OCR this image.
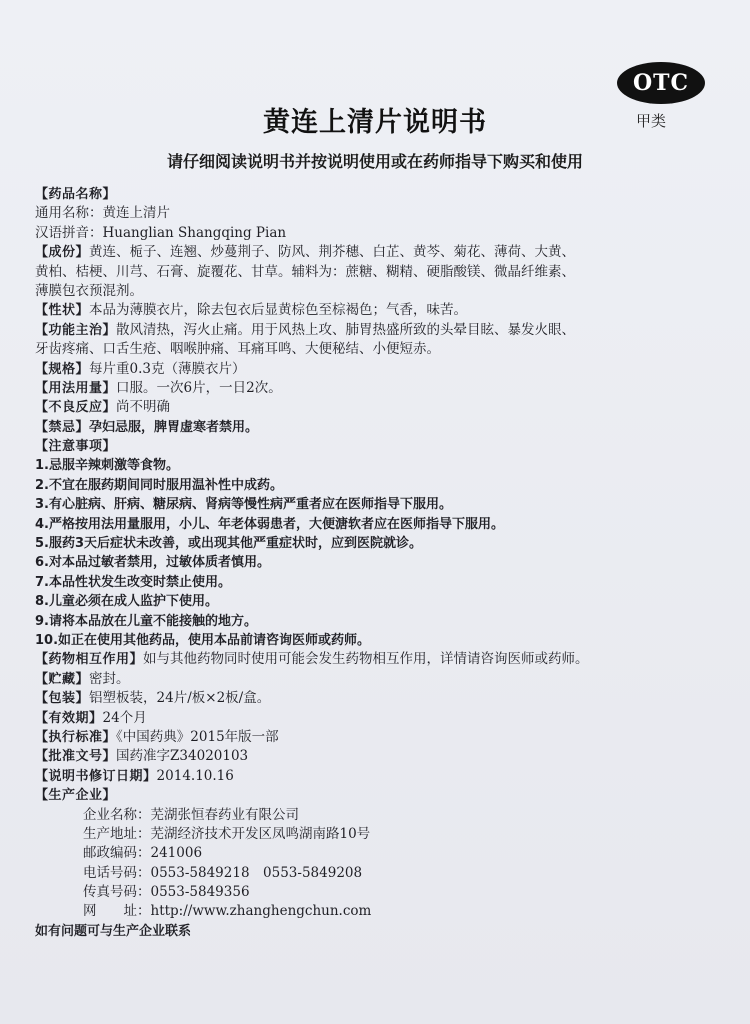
OTC
甲类
黄连上清片说明书
请仔细阅读说明书并按说明使用或在药师指导下购买和使用
【 药品名称 】
通用名称：黄连上清片
汉语拼音：Huanglian Shangqing Pian
【 成份 】 黄连、栀子、连翘、炒蔓荆子、防风、荆芥穗、白芷、黄芩、菊花、薄荷、大黄、
黄柏、桔梗、川芎、石膏、旋覆花、甘草。辅料为：蔗糖、糊精、硬脂酸镁、微晶纤维素、
薄膜包衣预混剂。
【 性状 】 本品为薄膜衣片，除去包衣后显黄棕色至棕褐色；气香，味苦。
【 功能主治 】 散风清热，泻火止痛。用于风热上攻、肺胃热盛所致的头晕目眩、暴发火眼、
牙齿疼痛、口舌生疮、咽喉肿痛、耳痛耳鸣、大便秘结、小便短赤。
【 规格 】 每片重0.3克（薄膜衣片）
【 用法用量 】 口服。一次6片，一日2次。
【 不良反应 】 尚不明确
【 禁忌 】 孕妇忌服，脾胃虚寒者禁用。
【 注意事项 】
1.忌服辛辣刺激等食物。
2.不宜在服药期间同时服用温补性中成药。
3.有心脏病、肝病、糖尿病、肾病等慢性病严重者应在医师指导下服用。
4.严格按用法用量服用，小儿、年老体弱患者，大便溏软者应在医师指导下服用。
5.服药3天后症状未改善，或出现其他严重症状时，应到医院就诊。
6.对本品过敏者禁用，过敏体质者慎用。
7.本品性状发生改变时禁止使用。
8.儿童必须在成人监护下使用。
9.请将本品放在儿童不能接触的地方。
10.如正在使用其他药品，使用本品前请咨询医师或药师。
【 药物相互作用 】 如与其他药物同时使用可能会发生药物相互作用，详情请咨询医师或药师。
【 贮藏 】 密封。
【 包装 】 铝塑板装，24片/板×2板/盒。
【 有效期 】 24个月
【 执行标准 】 《中国药典》2015年版一部
【 批准文号 】 国药准字Z34020103
【 说明书修订日期 】 2014.10.16
【 生产企业 】
企业名称：芜湖张恒春药业有限公司
生产地址：芜湖经济技术开发区凤鸣湖南路10号
邮政编码：241006
电话号码：0553-5849218　0553-5849208
传真号码：0553-5849356
网　　址：http://www.zhanghengchun.com
如有问题可与生产企业联系
